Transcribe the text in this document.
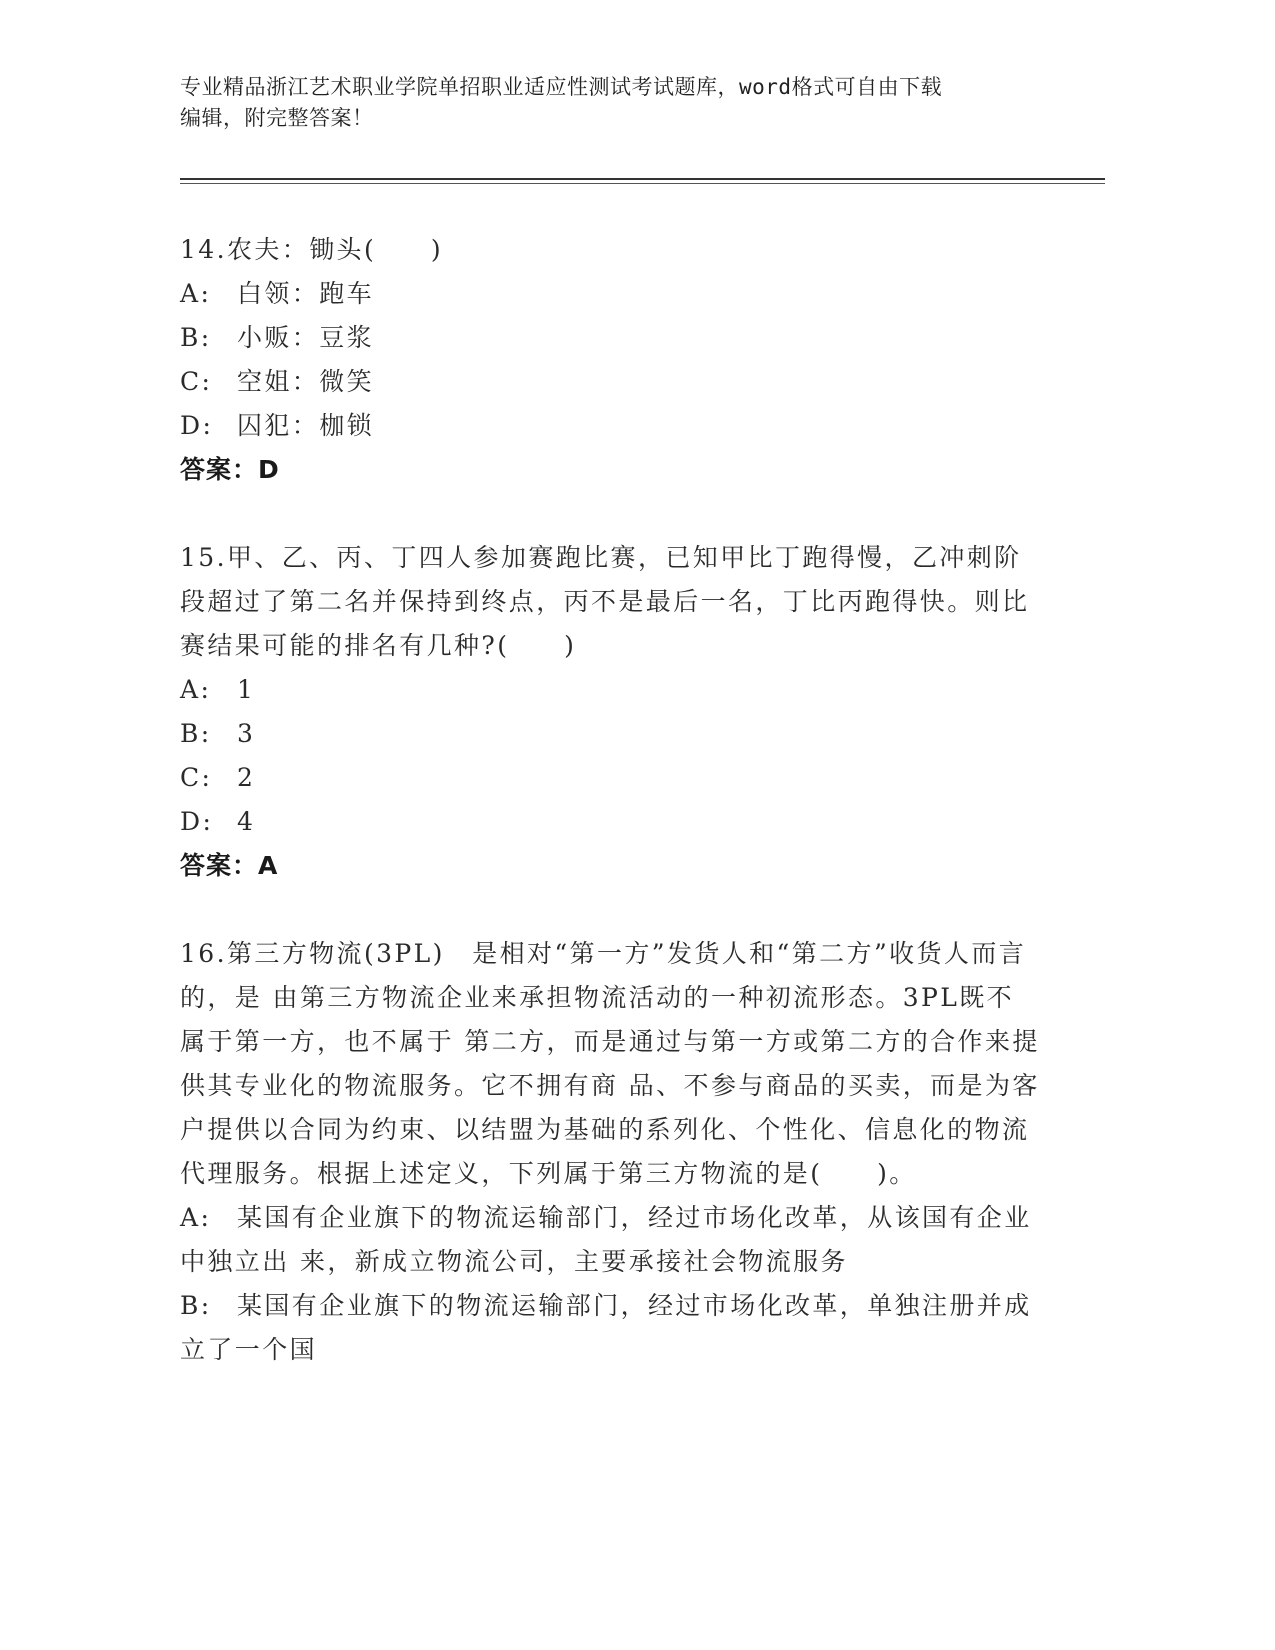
专业精品浙江艺术职业学院单招职业适应性测试考试题库，word格式可自由下载
编辑，附完整答案！
14.农夫：锄头(　　)
A: 白领：跑车
B: 小贩：豆浆
C: 空姐：微笑
D: 囚犯：枷锁
答案：D
15.甲、乙、丙、丁四人参加赛跑比赛，已知甲比丁跑得慢，乙冲刺阶段超过了第二名并保持到终点，丙不是最后一名，丁比丙跑得快。则比赛结果可能的排名有几种?(　　)
A: 1
B: 3
C: 2
D: 4
答案：A
16.第三方物流(3PL)　是相对“第一方”发货人和“第二方”收货人而言的，是 由第三方物流企业来承担物流活动的一种初流形态。3PL既不属于第一方，也不属于 第二方，而是通过与第一方或第二方的合作来提供其专业化的物流服务。它不拥有商 品、不参与商品的买卖，而是为客户提供以合同为约束、以结盟为基础的系列化、个性化、信息化的物流代理服务。根据上述定义，下列属于第三方物流的是(　　)。
A: 某国有企业旗下的物流运输部门，经过市场化改革，从该国有企业中独立出 来，新成立物流公司，主要承接社会物流服务
B: 某国有企业旗下的物流运输部门，经过市场化改革，单独注册并成立了一个国
